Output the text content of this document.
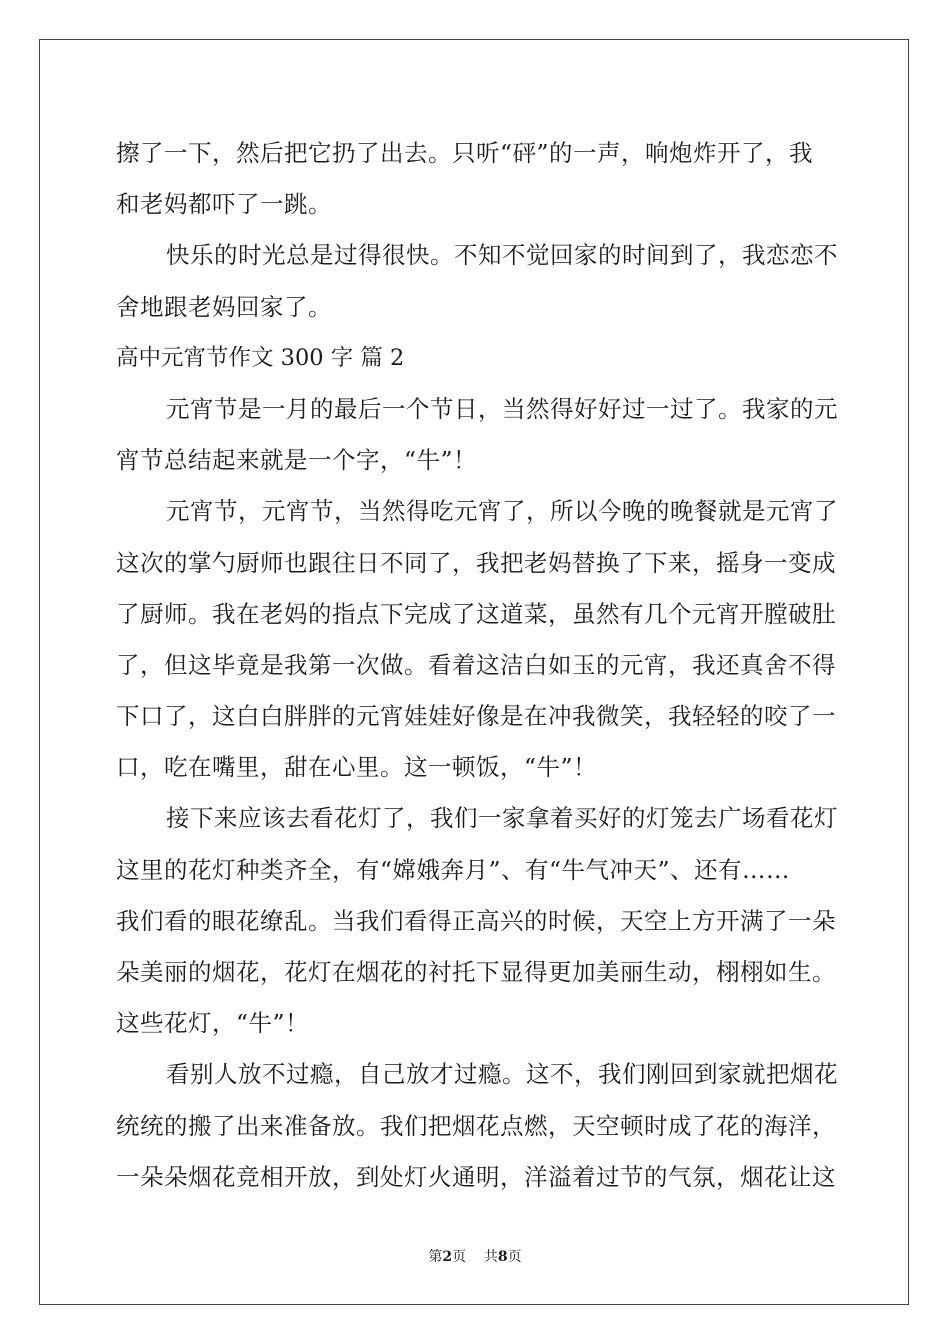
擦了一下，然后把它扔了出去。只听“砰”的一声，响炮炸开了，我
和老妈都吓了一跳。
快乐的时光总是过得很快。不知不觉回家的时间到了，我恋恋不
舍地跟老妈回家了。
高中元宵节作文 300 字 篇 2
元宵节是一月的最后一个节日，当然得好好过一过了。我家的元
宵节总结起来就是一个字，“牛”！
元宵节，元宵节，当然得吃元宵了，所以今晚的晚餐就是元宵了
这次的掌勺厨师也跟往日不同了，我把老妈替换了下来，摇身一变成
了厨师。我在老妈的指点下完成了这道菜，虽然有几个元宵开膛破肚
了，但这毕竟是我第一次做。看着这洁白如玉的元宵，我还真舍不得
下口了，这白白胖胖的元宵娃娃好像是在冲我微笑，我轻轻的咬了一
口，吃在嘴里，甜在心里。这一顿饭，“牛”！
接下来应该去看花灯了，我们一家拿着买好的灯笼去广场看花灯
这里的花灯种类齐全，有“嫦娥奔月”、有“牛气冲天”、还有……
我们看的眼花缭乱。当我们看得正高兴的时候，天空上方开满了一朵
朵美丽的烟花，花灯在烟花的衬托下显得更加美丽生动，栩栩如生。
这些花灯，“牛”！
看别人放不过瘾，自己放才过瘾。这不，我们刚回到家就把烟花
统统的搬了出来准备放。我们把烟花点燃，天空顿时成了花的海洋，
一朵朵烟花竞相开放，到处灯火通明，洋溢着过节的气氛，烟花让这
第2页 共8页
